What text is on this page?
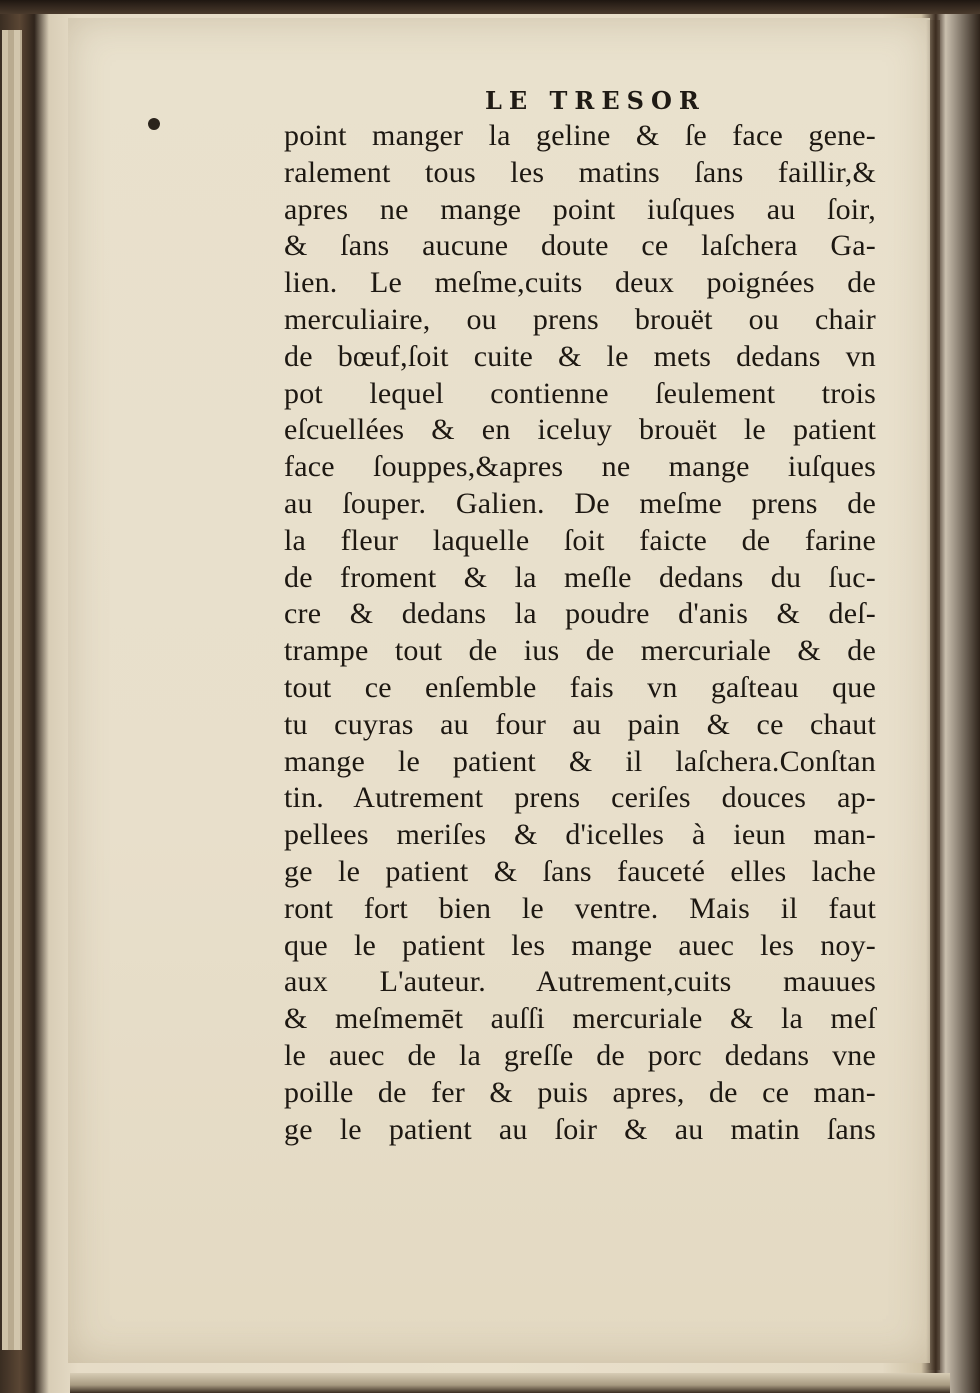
LE TRESOR
point manger la geline & ſe face gene-
ralement tous les matins ſans faillir,&
apres ne mange point iuſques au ſoir,
& ſans aucune doute ce laſchera Ga-
lien. Le meſme,cuits deux poignées de
merculiaire, ou prens brouët ou chair
de bœuf,ſoit cuite & le mets dedans vn
pot lequel contienne ſeulement trois
eſcuellées & en iceluy brouët le patient
face ſouppes,&apres ne mange iuſques
au ſouper. Galien. De meſme prens de
la fleur laquelle ſoit faicte de farine
de froment & la meſle dedans du ſuc-
cre & dedans la poudre d'anis & deſ-
trampe tout de ius de mercuriale & de
tout ce enſemble fais vn gaſteau que
tu cuyras au four au pain & ce chaut
mange le patient & il laſchera.Conſtan
tin. Autrement prens ceriſes douces ap-
pellees meriſes & d'icelles à ieun man-
ge le patient & ſans fauceté elles lache
ront fort bien le ventre. Mais il faut
que le patient les mange auec les noy-
aux L'auteur. Autrement,cuits mauues
& meſmemēt auſſi mercuriale & la meſ
le auec de la greſſe de porc dedans vne
poille de fer & puis apres, de ce man-
ge le patient au ſoir & au matin ſans
